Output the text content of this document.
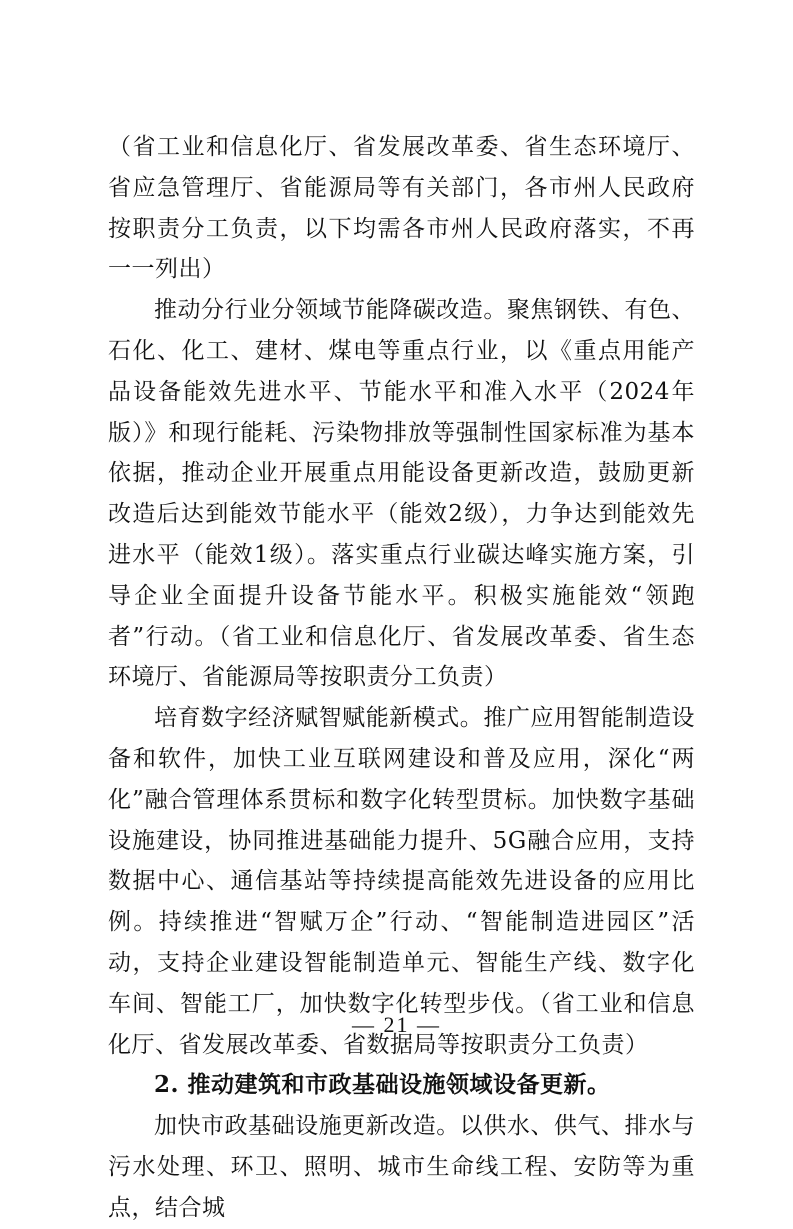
（省工业和信息化厅、省发展改革委、省生态环境厅、省应急管理厅、省能源局等有关部门，各市州人民政府按职责分工负责，以下均需各市州人民政府落实，不再一一列出）

推动分行业分领域节能降碳改造。聚焦钢铁、有色、石化、化工、建材、煤电等重点行业，以《重点用能产品设备能效先进水平、节能水平和准入水平（2024年版）》和现行能耗、污染物排放等强制性国家标准为基本依据，推动企业开展重点用能设备更新改造，鼓励更新改造后达到能效节能水平（能效2级），力争达到能效先进水平（能效1级）。落实重点行业碳达峰实施方案，引导企业全面提升设备节能水平。积极实施能效“领跑者”行动。（省工业和信息化厅、省发展改革委、省生态环境厅、省能源局等按职责分工负责）

培育数字经济赋智赋能新模式。推广应用智能制造设备和软件，加快工业互联网建设和普及应用，深化“两化”融合管理体系贯标和数字化转型贯标。加快数字基础设施建设，协同推进基础能力提升、5G融合应用，支持数据中心、通信基站等持续提高能效先进设备的应用比例。持续推进“智赋万企”行动、“智能制造进园区”活动，支持企业建设智能制造单元、智能生产线、数字化车间、智能工厂，加快数字化转型步伐。（省工业和信息化厅、省发展改革委、省数据局等按职责分工负责）

2. 推动建筑和市政基础设施领域设备更新。

加快市政基础设施更新改造。以供水、供气、排水与污水处理、环卫、照明、城市生命线工程、安防等为重点，结合城

— 21 —
